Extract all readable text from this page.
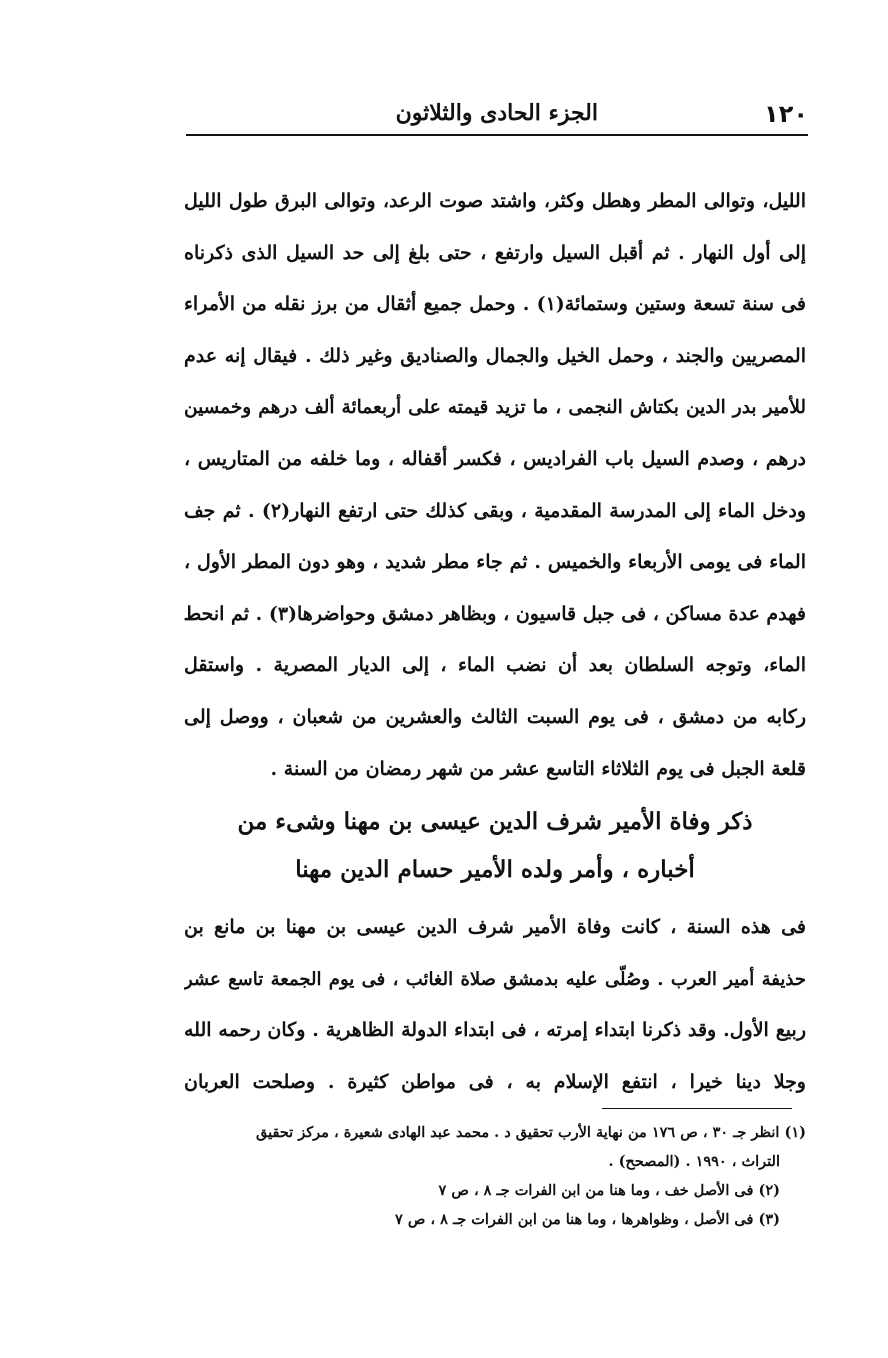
١٢٠
الجزء الحادى والثلاثون
الليل، وتوالى المطر وهطل وكثر، واشتد صوت الرعد، وتوالى البرق طول الليل
إلى أول النهار . ثم أقبل السيل وارتفع ، حتى بلغ إلى حد السيل الذى ذكرناه
فى سنة تسعة وستين وستمائة(١) . وحمل جميع أثقال من برز نقله من الأمراء
المصريين والجند ، وحمل الخيل والجمال والصناديق وغير ذلك . فيقال إنه عدم
للأمير بدر الدين بكتاش النجمى ، ما تزيد قيمته على أربعمائة ألف درهم وخمسين
درهم ، وصدم السيل باب الفراديس ، فكسر أقفاله ، وما خلفه من المتاريس ،
ودخل الماء إلى المدرسة المقدمية ، وبقى كذلك حتى ارتفع النهار(٢) . ثم جف
الماء فى يومى الأربعاء والخميس . ثم جاء مطر شديد ، وهو دون المطر الأول ،
فهدم عدة مساكن ، فى جبل قاسيون ، وبظاهر دمشق وحواضرها(٣) . ثم انحط
الماء، وتوجه السلطان بعد أن نضب الماء ، إلى الديار المصرية . واستقل
ركابه من دمشق ، فى يوم السبت الثالث والعشرين من شعبان ، ووصل إلى
قلعة الجبل فى يوم الثلاثاء التاسع عشر من شهر رمضان من السنة .
ذكر وفاة الأمير شرف الدين عيسى بن مهنا وشىء من
أخباره ، وأمر ولده الأمير حسام الدين مهنا
فى هذه السنة ، كانت وفاة الأمير شرف الدين عيسى بن مهنا بن مانع بن
حذيفة أمير العرب . وصُلّى عليه بدمشق صلاة الغائب ، فى يوم الجمعة تاسع عشر
ربيع الأول. وقد ذكرنا ابتداء إمرته ، فى ابتداء الدولة الظاهرية . وكان رحمه الله
وجلا دينا خيرا ، انتفع الإسلام به ، فى مواطن كثيرة . وصلحت العربان
(١) انظر جـ ٣٠ ، ص ١٧٦ من نهاية الأرب تحقيق د . محمد عبد الهادى شعيرة ، مركز تحقيق
التراث ، ١٩٩٠ . (المصحح) .
(٢) فى الأصل خف ، وما هنا من ابن الفرات جـ ٨ ، ص ٧
(٣) فى الأصل ، وظواهرها ، وما هنا من ابن الفرات جـ ٨ ، ص ٧
